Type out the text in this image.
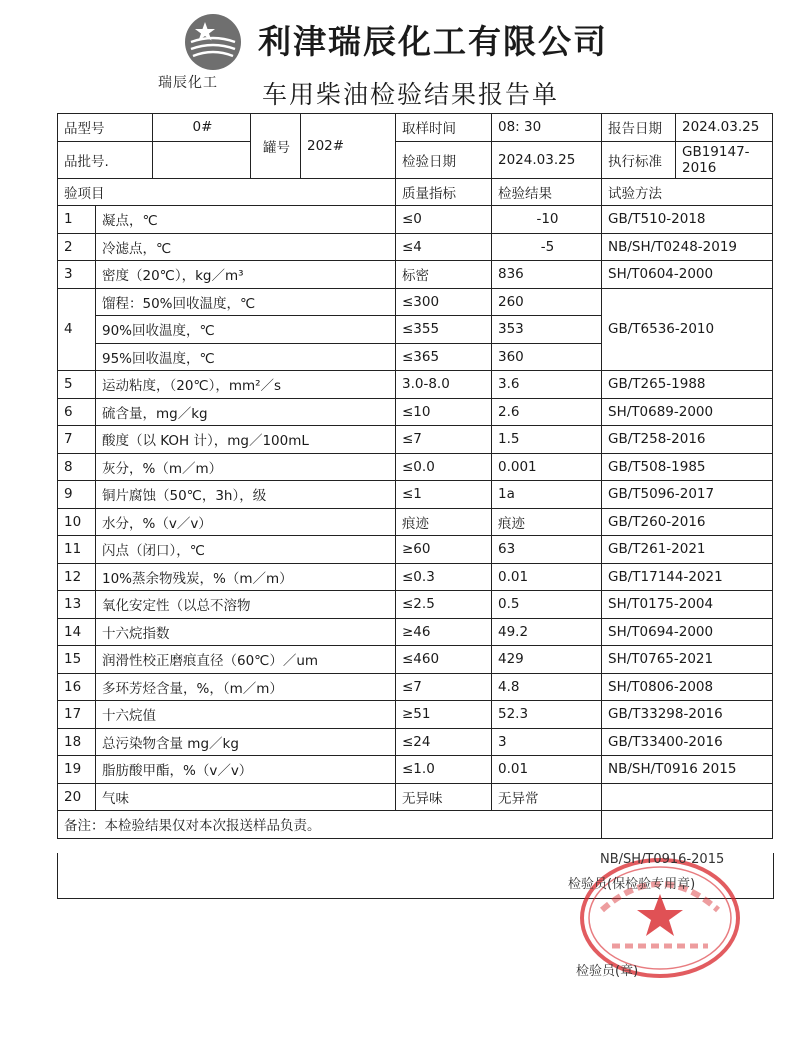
瑞辰化工
利津瑞辰化工有限公司
车用柴油检验结果报告单
品型号		0#	罐号	202#	取样时间	08: 30	报告日期	2024.03.25
品批号.					检验日期	2024.03.25	执行标准	GB19147-2016
验项目					质量指标	检验结果	试验方法	
1	凝点，℃				≤0	-10	GB/T510-2018	
2	冷滤点，℃				≤4	-5	NB/SH/T0248-2019	
3	密度（20℃），kg／m³				标密	836	SH/T0604-2000	
4	馏程：50%回收温度，℃				≤300	260	GB/T6536-2010	
	90%回收温度，℃				≤355	353		
	95%回收温度，℃				≤365	360		
5	运动粘度，（20℃），mm²／s				3.0-8.0	3.6	GB/T265-1988	
6	硫含量，mg／kg				≤10	2.6	SH/T0689-2000	
7	酸度（以 KOH 计），mg／100mL				≤7	1.5	GB/T258-2016	
8	灰分，%（m／m）				≤0.0	0.001	GB/T508-1985	
9	铜片腐蚀（50℃，3h），级				≤1	1a	GB/T5096-2017	
10	水分，%（v／v）				痕迹	痕迹	GB/T260-2016	
11	闪点（闭口），℃				≥60	63	GB/T261-2021	
12	10%蒸余物残炭，%（m／m）				≤0.3	0.01	GB/T17144-2021	
13	氧化安定性（以总不溶物				≤2.5	0.5	SH/T0175-2004	
14	十六烷指数				≥46	49.2	SH/T0694-2000	
15	润滑性校正磨痕直径（60℃）／um				≤460	429	SH/T0765-2021	
16	多环芳烃含量，%，（m／m）				≤7	4.8	SH/T0806-2008	
17	十六烷值				≥51	52.3	GB/T33298-2016	
18	总污染物含量 mg／kg				≤24	3	GB/T33400-2016	
19	脂肪酸甲酯，%（v／v）				≤1.0	0.01	NB/SH/T0916 2015	
20	气味				无异味	无异常		
备注：本检验结果仅对本次报送样品负责。								
NB/SH/T0916-2015
检验员(保检验专用章)
检验员(章)
